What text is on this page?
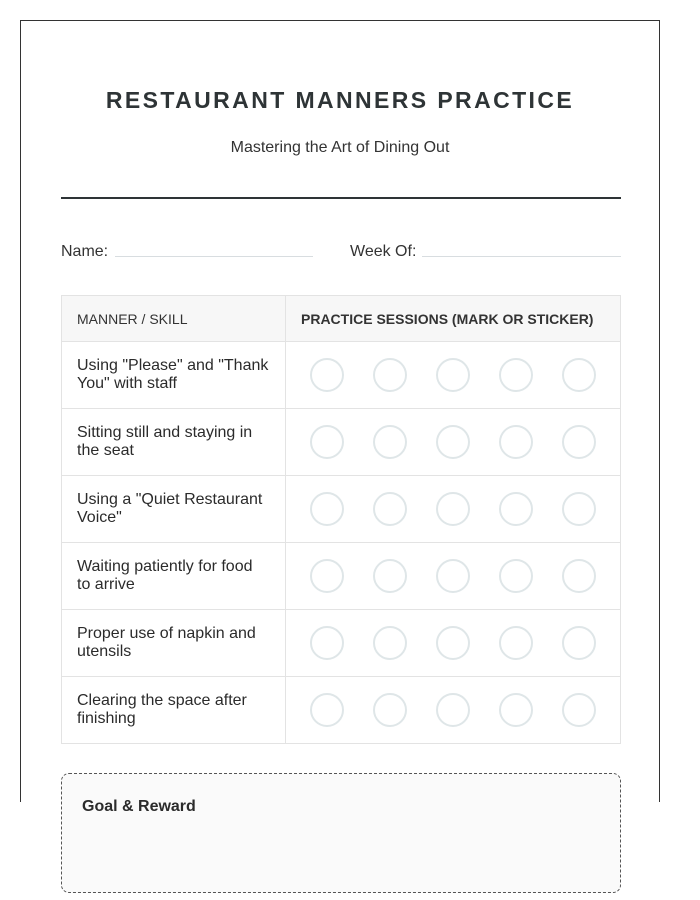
RESTAURANT MANNERS PRACTICE
Mastering the Art of Dining Out
Name:	Week Of:
MANNER / SKILL	PRACTICE SESSIONS (MARK OR STICKER)
Using "Please" and "Thank You" with staff	

Sitting still and staying in the seat	

Using a "Quiet Restaurant Voice"	

Waiting patiently for food to arrive	

Proper use of napkin and utensils	

Clearing the space after finishing	
Goal & Reward
